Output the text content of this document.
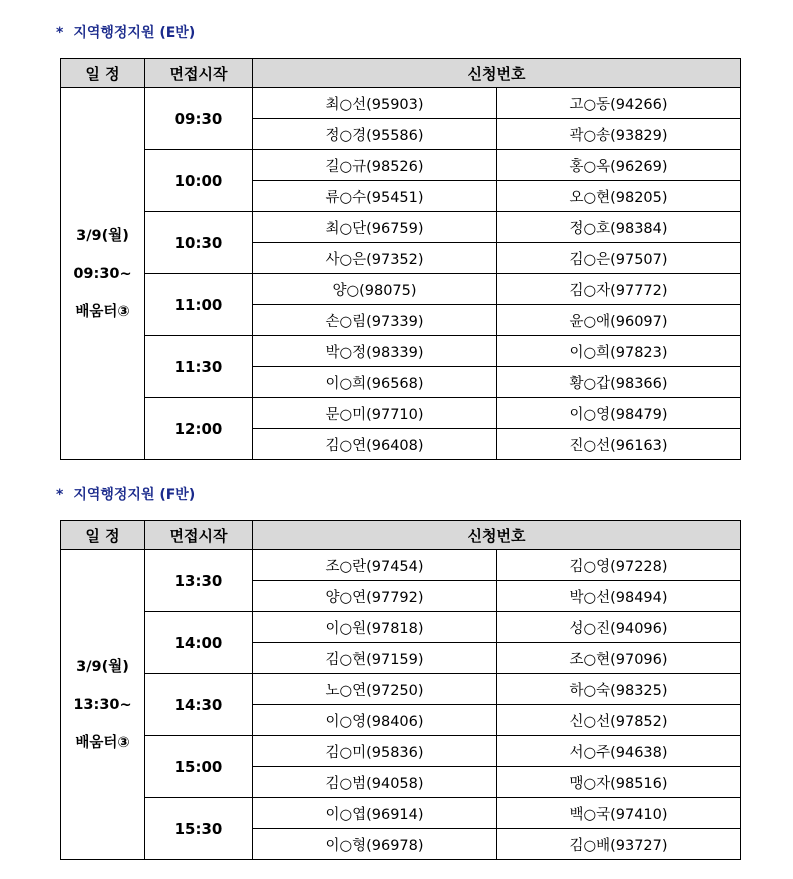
* 지역행정지원 (E반)
일 정	면접시작	신청번호	

3/9(월)
09:30~
배움터③	09:30	최○선(95903)	고○동(94266)
		정○경(95586)	곽○송(93829)
	10:00	길○규(98526)	홍○옥(96269)
		류○수(95451)	오○현(98205)
	10:30	최○단(96759)	정○호(98384)
		사○은(97352)	김○은(97507)
	11:00	양○(98075)	김○자(97772)
		손○림(97339)	윤○애(96097)
	11:30	박○정(98339)	이○희(97823)
		이○희(96568)	황○갑(98366)
	12:00	문○미(97710)	이○영(98479)
		김○연(96408)	진○선(96163)
* 지역행정지원 (F반)
일 정	면접시작	신청번호	

3/9(월)
13:30~
배움터③	13:30	조○란(97454)	김○영(97228)
		양○연(97792)	박○선(98494)
	14:00	이○원(97818)	성○진(94096)
		김○현(97159)	조○현(97096)
	14:30	노○연(97250)	하○숙(98325)
		이○영(98406)	신○선(97852)
	15:00	김○미(95836)	서○주(94638)
		김○범(94058)	맹○자(98516)
	15:30	이○엽(96914)	백○국(97410)
		이○형(96978)	김○배(93727)
